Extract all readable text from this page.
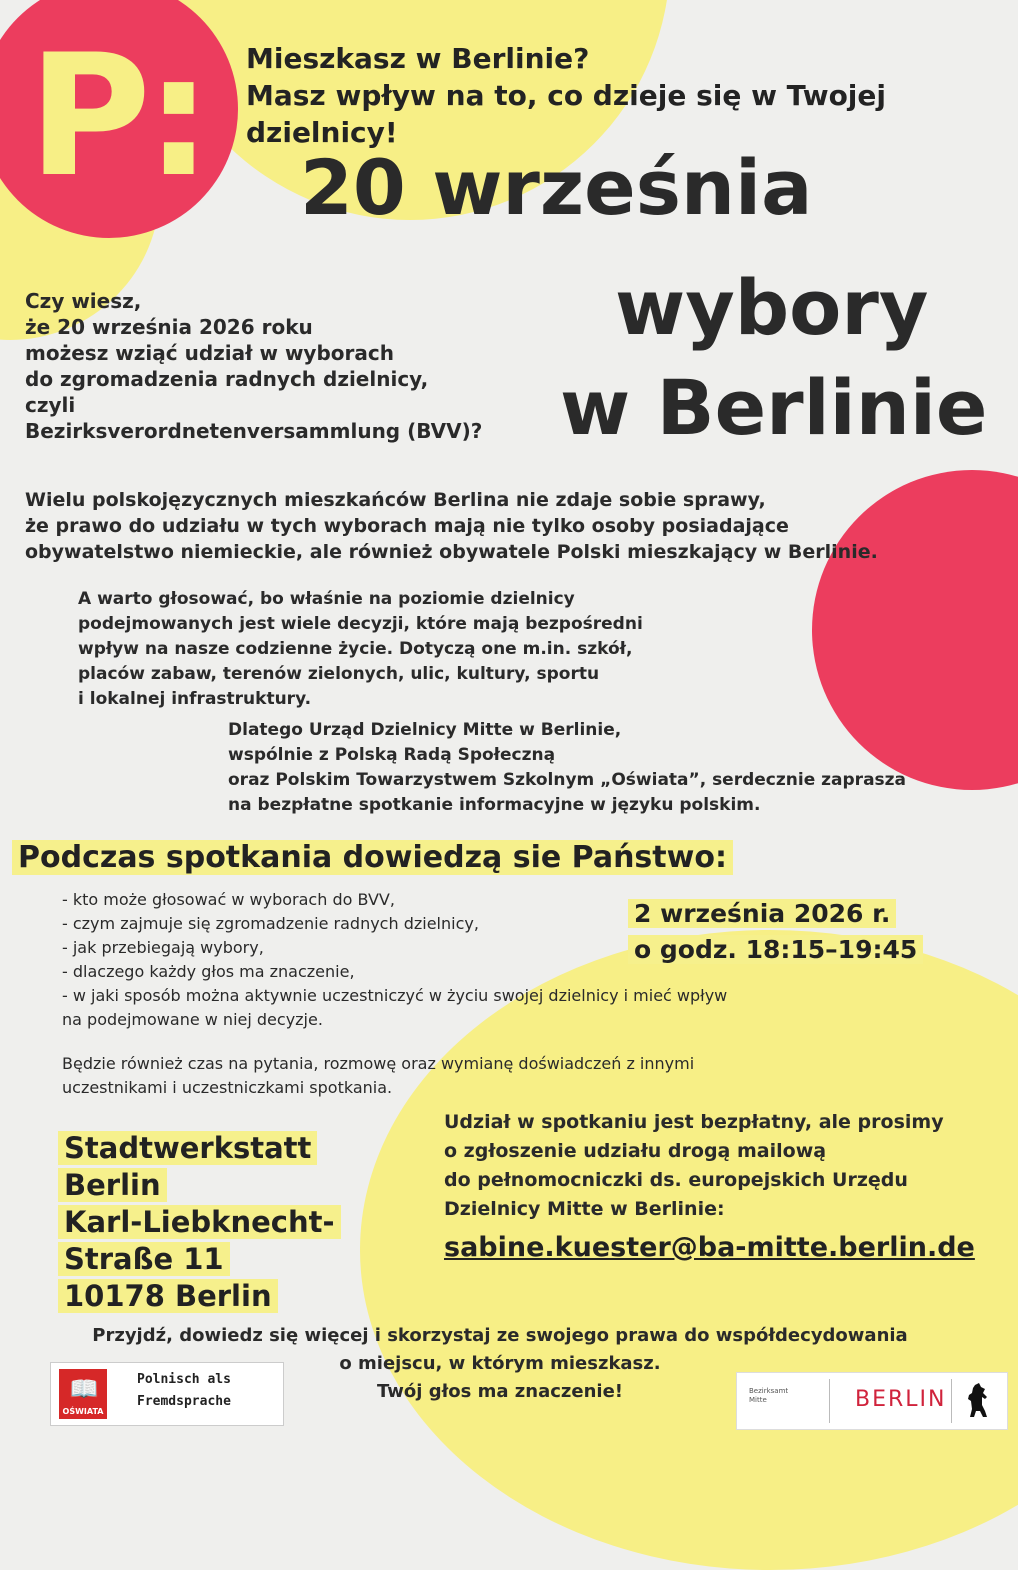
P: Mieszkasz w Berlinie?
Masz wpływ na to, co dzieje się w Twojej dzielnicy!
20 września
wybory
w Berlinie
Czy wiesz,
że 20 września 2026 roku
możesz wziąć udział w wyborach
do zgromadzenia radnych dzielnicy,
czyli
Bezirksverordnetenversammlung (BVV)?
Wielu polskojęzycznych mieszkańców Berlina nie zdaje sobie sprawy,
że prawo do udziału w tych wyborach mają nie tylko osoby posiadające
obywatelstwo niemieckie, ale również obywatele Polski mieszkający w Berlinie.
A warto głosować, bo właśnie na poziomie dzielnicy
podejmowanych jest wiele decyzji, które mają bezpośredni
wpływ na nasze codzienne życie. Dotyczą one m.in. szkół,
placów zabaw, terenów zielonych, ulic, kultury, sportu
i lokalnej infrastruktury.
Dlatego Urząd Dzielnicy Mitte w Berlinie,
wspólnie z Polską Radą Społeczną
oraz Polskim Towarzystwem Szkolnym „Oświata”, serdecznie zaprasza
na bezpłatne spotkanie informacyjne w języku polskim.
Podczas spotkania dowiedzą sie Państwo:
- kto może głosować w wyborach do BVV,
- czym zajmuje się zgromadzenie radnych dzielnicy,
- jak przebiegają wybory,
- dlaczego każdy głos ma znaczenie,
- w jaki sposób można aktywnie uczestniczyć w życiu swojej dzielnicy i mieć wpływ
na podejmowane w niej decyzje.
2 września 2026 r.
o godz. 18:15–19:45
Będzie również czas na pytania, rozmowę oraz wymianę doświadczeń z innymi
uczestnikami i uczestniczkami spotkania.
Stadtwerkstatt
Berlin
Karl-Liebknecht-
Straße 11
10178 Berlin
Udział w spotkaniu jest bezpłatny, ale prosimy
o zgłoszenie udziału drogą mailową
do pełnomocniczki ds. europejskich Urzędu
Dzielnicy Mitte w Berlinie:
sabine.kuester@ba-mitte.berlin.de
Przyjdź, dowiedz się więcej i skorzystaj ze swojego prawa do współdecydowania
o miejscu, w którym mieszkasz.
Twój głos ma znaczenie!
📖
OŚWIATA
Polnisch als
Fremdsprache
Bezirksamt
Mitte	BERLIN
